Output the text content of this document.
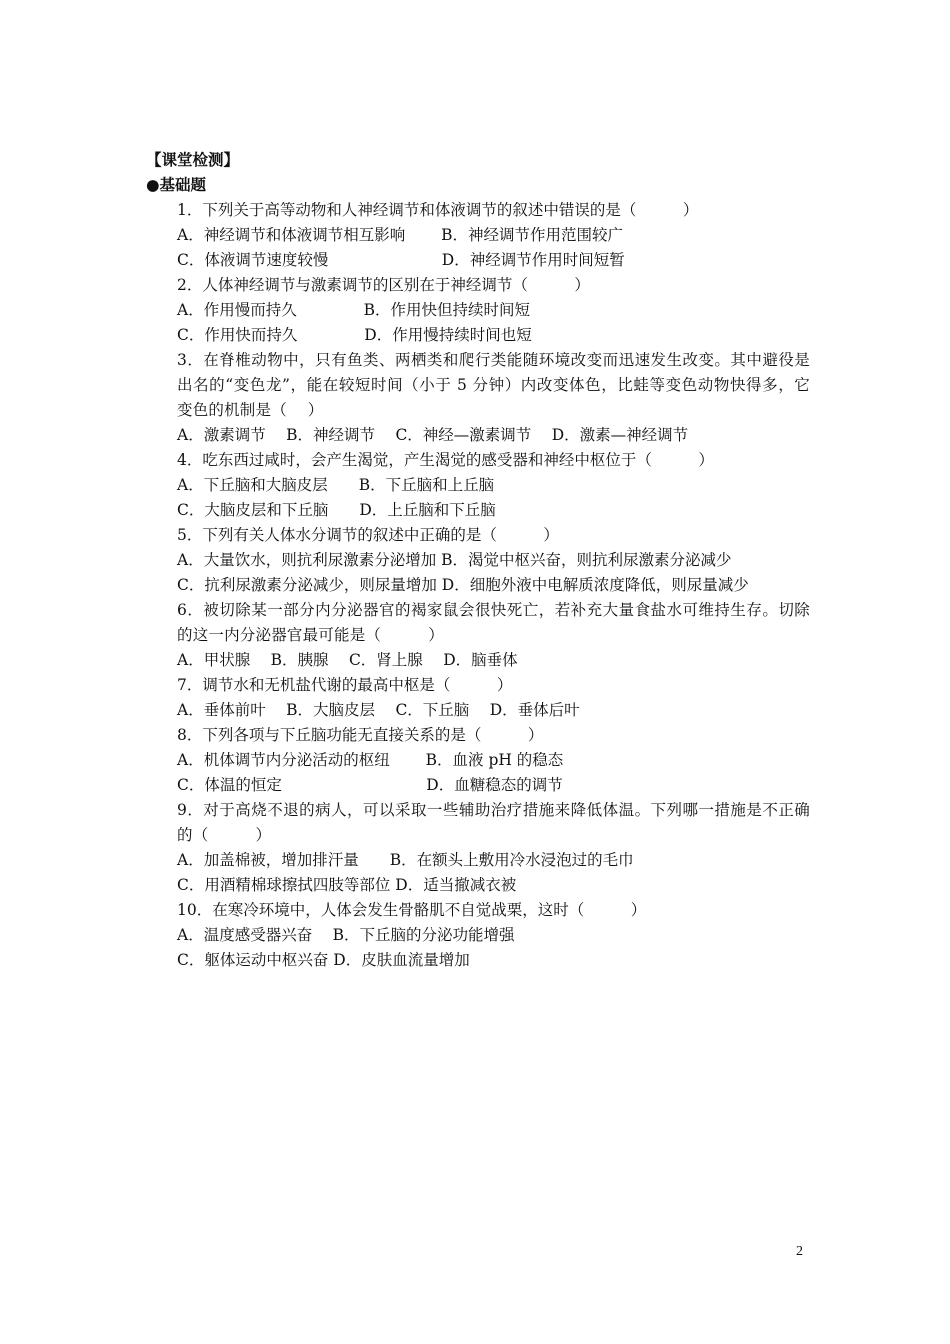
【课堂检测】
●基础题
1．下列关于高等动物和人神经调节和体液调节的叙述中错误的是（　　　）
A．神经调节和体液调节相互影响　　 B．神经调节作用范围较广
C．体液调节速度较慢　　　　　　　 D．神经调节作用时间短暂
2．人体神经调节与激素调节的区别在于神经调节（　　　）
A．作用慢而持久　　　　 B．作用快但持续时间短
C．作用快而持久　　　　 D．作用慢持续时间也短
3．在脊椎动物中，只有鱼类、两栖类和爬行类能随环境改变而迅速发生改变。其中避役是出名的“变色龙”，能在较短时间（小于 5 分钟）内改变体色，比蛙等变色动物快得多，它变色的机制是（　 ）
A．激素调节　 B．神经调节　 C．神经—激素调节　 D．激素—神经调节
4．吃东西过咸时，会产生渴觉，产生渴觉的感受器和神经中枢位于（　　　）
A．下丘脑和大脑皮层　　B．下丘脑和上丘脑
C．大脑皮层和下丘脑　　D．上丘脑和下丘脑
5．下列有关人体水分调节的叙述中正确的是（　　　）
A．大量饮水，则抗利尿激素分泌增加 B．渴觉中枢兴奋，则抗利尿激素分泌减少
C．抗利尿激素分泌减少，则尿量增加 D．细胞外液中电解质浓度降低，则尿量减少
6．被切除某一部分内分泌器官的褐家鼠会很快死亡，若补充大量食盐水可维持生存。切除的这一内分泌器官最可能是（　　　）
A．甲状腺　 B．胰腺　 C．肾上腺　 D．脑垂体
7．调节水和无机盐代谢的最高中枢是（　　　）
A．垂体前叶　 B．大脑皮层　 C．下丘脑　 D．垂体后叶
8．下列各项与下丘脑功能无直接关系的是（　　　）
A．机体调节内分泌活动的枢纽　　 B．血液 pH 的稳态
C．体温的恒定　　　　　　　　　 D．血糖稳态的调节
9．对于高烧不退的病人，可以采取一些辅助治疗措施来降低体温。下列哪一措施是不正确的（　　　）
A．加盖棉被，增加排汗量　　B．在额头上敷用冷水浸泡过的毛巾
C．用酒精棉球擦拭四肢等部位 D．适当撤减衣被
10．在寒冷环境中，人体会发生骨骼肌不自觉战栗，这时（　　　）
A．温度感受器兴奋　 B．下丘脑的分泌功能增强
C．躯体运动中枢兴奋 D．皮肤血流量增加
2
